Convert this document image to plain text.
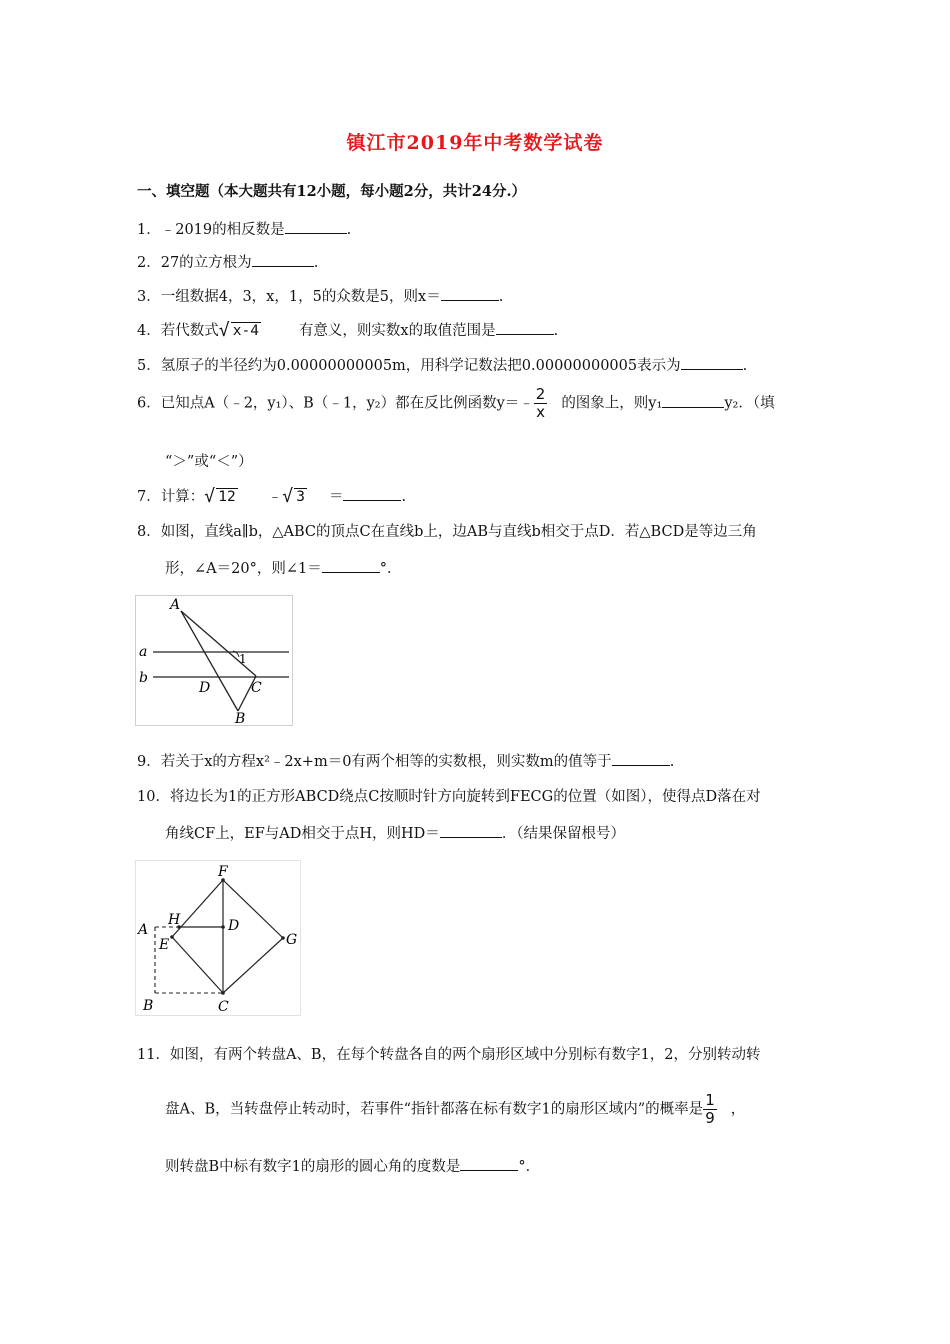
镇江市2019年中考数学试卷
一、填空题（本大题共有12小题，每小题2分，共计24分.）
1．﹣2019的相反数是	.
2．27的立方根为	.
3．一组数据4，3，x，1，5的众数是5，则x＝	.
4．若代数式 √ x-4	有意义，则实数x的取值范围是	.
5．氢原子的半径约为0.00000000005m，用科学记数法把0.00000000005表示为	.
6．已知点A（﹣2，y₁）、B（﹣1，y₂）都在反比例函数y＝﹣ $\frac{2}{x}$ 的图象上，则y₁	y₂．（填
“＞”或“＜”）
7．计算： √ 12 ﹣ √ 3 ＝	.
8．如图，直线a∥b，△ABC的顶点C在直线b上，边AB与直线b相交于点D．若△BCD是等边三角
形，∠A＝20°，则∠1＝	°．
A
a
b
1
D	C
B
9．若关于x的方程x²﹣2x+m＝0有两个相等的实数根，则实数m的值等于	.
10．将边长为1的正方形ABCD绕点C按顺时针方向旋转到FECG的位置（如图），使得点D落在对
角线CF上，EF与AD相交于点H，则HD＝	．（结果保留根号）
F
H	D
A
E	G
B	C
11．如图，有两个转盘A、B，在每个转盘各自的两个扇形区域中分别标有数字1，2，分别转动转
盘A、B，当转盘停止转动时，若事件“指针都落在标有数字1的扇形区域内”的概率是 $\frac{1}{9}$ ，
则转盘B中标有数字1的扇形的圆心角的度数是	°．
